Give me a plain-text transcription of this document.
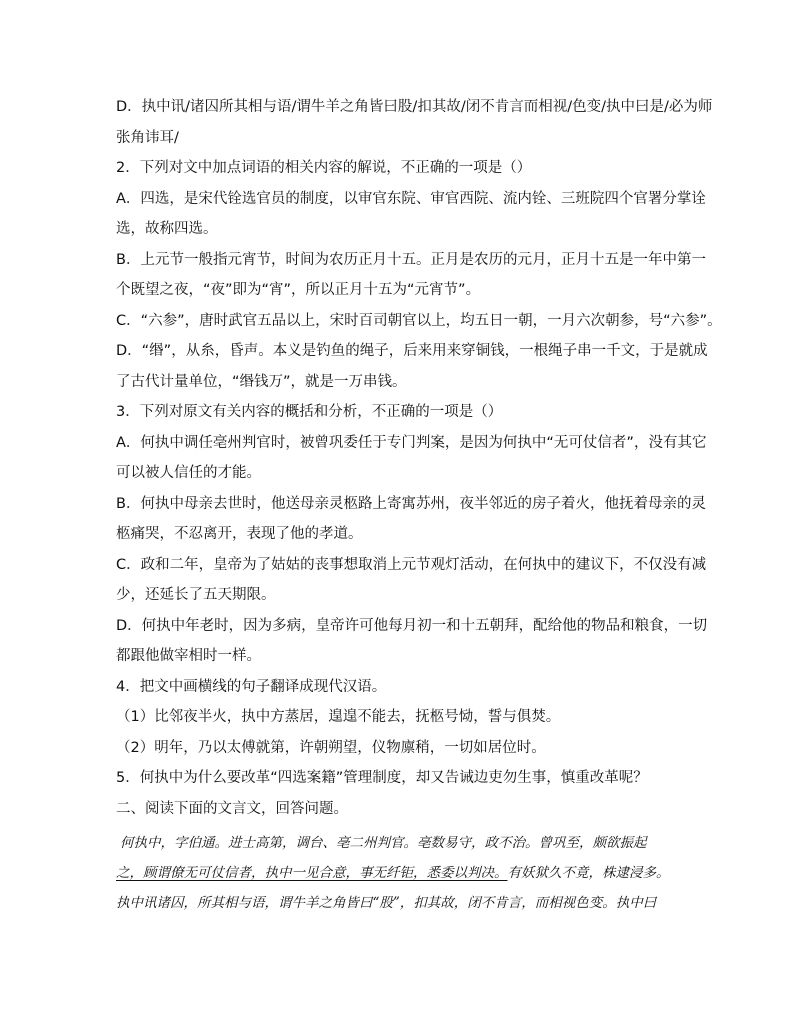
D．执中讯/诸囚所其相与语/谓牛羊之角皆曰股/扣其故/闭不肯言而相视/色变/执中曰是/必为师
张角讳耳/
2．下列对文中加点词语的相关内容的解说，不正确的一项是（）
A．四选，是宋代铨选官员的制度，以审官东院、审官西院、流内铨、三班院四个官署分掌诠
选，故称四选。
B．上元节一般指元宵节，时间为农历正月十五。正月是农历的元月，正月十五是一年中第一
个既望之夜，“夜”即为“宵”，所以正月十五为“元宵节”。
C．“六参”，唐时武官五品以上，宋时百司朝官以上，均五日一朝，一月六次朝参，号“六参”。
D．“缗”，从糸，昏声。本义是钓鱼的绳子，后来用来穿铜钱，一根绳子串一千文，于是就成
了古代计量单位，“缗钱万”，就是一万串钱。
3．下列对原文有关内容的概括和分析，不正确的一项是（）
A．何执中调任亳州判官时，被曾巩委任于专门判案，是因为何执中“无可仗信者”，没有其它
可以被人信任的才能。
B．何执中母亲去世时，他送母亲灵柩路上寄寓苏州，夜半邻近的房子着火，他抚着母亲的灵
柩痛哭，不忍离开，表现了他的孝道。
C．政和二年，皇帝为了姑姑的丧事想取消上元节观灯活动，在何执中的建议下，不仅没有减
少，还延长了五天期限。
D．何执中年老时，因为多病，皇帝许可他每月初一和十五朝拜，配给他的物品和粮食，一切
都跟他做宰相时一样。
4．把文中画横线的句子翻译成现代汉语。
（1）比邻夜半火，执中方蒸居，遑遑不能去，抚柩号恸，誓与俱焚。
（2）明年，乃以太傅就第，许朝朔望，仪物廪稍，一切如居位时。
5．何执中为什么要改革“四选案籍”管理制度，却又告诫边吏勿生事，慎重改革呢？
二、阅读下面的文言文，回答问题。
何执中，字伯通。进士高第，调台、亳二州判官。亳数易守，政不治。曾巩至，颇欲振起
之，顾谓僚无可仗信者，执中一见合意，事无纤钜，悉委以判决。有妖狱久不竟，株逮浸多。
执中讯诸囚，所其相与语，谓牛羊之角皆曰“股”，扣其故，闭不肯言，而相视色变。执中曰
